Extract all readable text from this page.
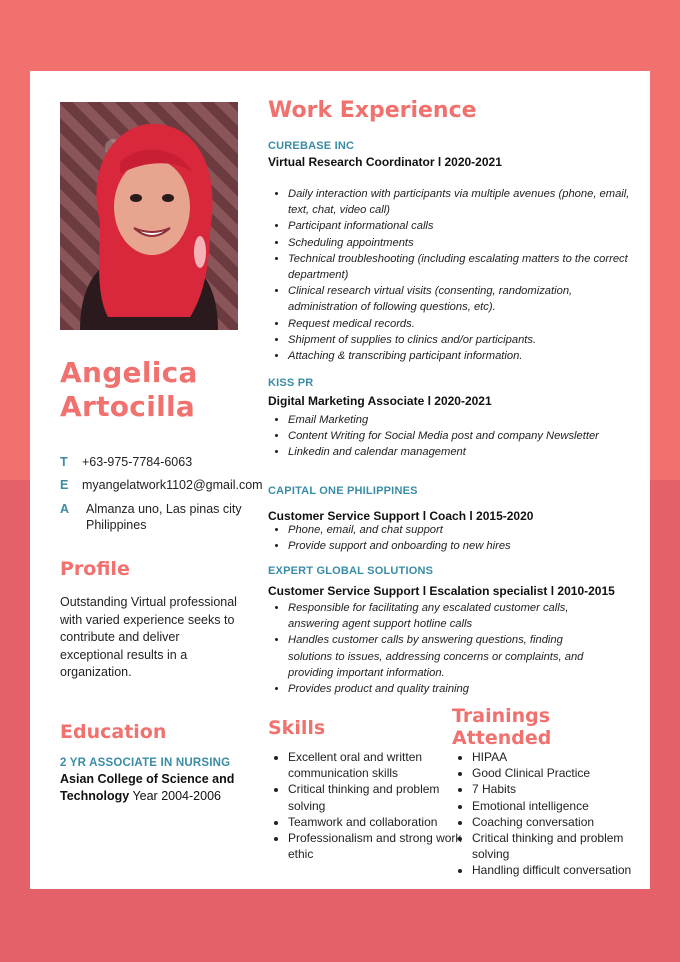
Angelica
Artocilla
T +63-975-7784-6063
E myangelatwork1102@gmail.com
A Almanza uno, Las pinas city Philippines
Profile
Outstanding Virtual professional with varied experience seeks to contribute and deliver exceptional results in a organization.
Education
2 YR ASSOCIATE IN NURSING
Asian College of Science and Technology Year 2004-2006
Work Experience
CUREBASE INC
Virtual Research Coordinator l 2020-2021
• Daily interaction with participants via multiple avenues (phone, email, text, chat, video call)
• Participant informational calls
• Scheduling appointments
• Technical troubleshooting (including escalating matters to the correct department)
• Clinical research virtual visits (consenting, randomization, administration of following questions, etc).
• Request medical records.
• Shipment of supplies to clinics and/or participants.
• Attaching & transcribing participant information.
KISS PR
Digital Marketing Associate l 2020-2021
• Email Marketing
• Content Writing for Social Media post and company Newsletter
• Linkedin and calendar management
CAPITAL ONE PHILIPPINES
Customer Service Support l Coach l 2015-2020
• Phone, email, and chat support
• Provide support and onboarding to new hires
EXPERT GLOBAL SOLUTIONS
Customer Service Support l Escalation specialist l 2010-2015
• Responsible for facilitating any escalated customer calls, answering agent support hotline calls
• Handles customer calls by answering questions, finding solutions to issues, addressing concerns or complaints, and providing important information.
• Provides product and quality training
Skills
• Excellent oral and written communication skills
• Critical thinking and problem solving
• Teamwork and collaboration
• Professionalism and strong work ethic
Trainings Attended
• HIPAA
• Good Clinical Practice
• 7 Habits
• Emotional intelligence
• Coaching conversation
• Critical thinking and problem solving
• Handling difficult conversation
